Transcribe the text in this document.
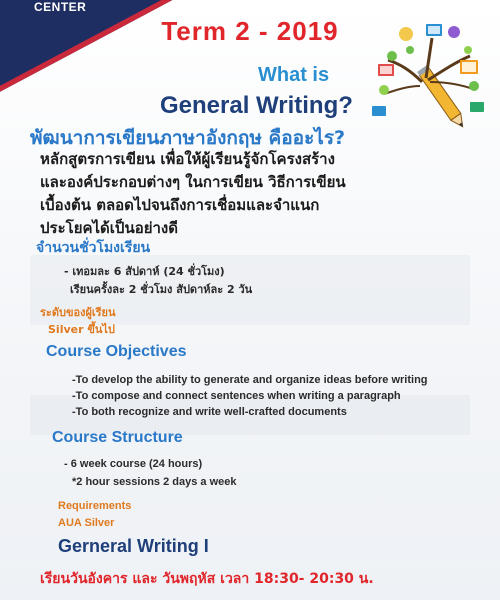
CENTER
Term 2 - 2019
What is
General Writing?
พัฒนาการเขียนภาษาอังกฤษ คืออะไร?
หลักสูตรการเขียน เพื่อให้ผู้เรียนรู้จักโครงสร้าง
และองค์ประกอบต่างๆ ในการเขียน วิธีการเขียน
เบื้องต้น ตลอดไปจนถึงการเชื่อมและจำแนก
ประโยคได้เป็นอย่างดี
จำนวนชั่วโมงเรียน
- เทอมละ 6 สัปดาห์ (24 ชั่วโมง)
เรียนครั้งละ 2 ชั่วโมง สัปดาห์ละ 2 วัน
ระดับของผู้เรียน
Silver ขึ้นไป
Course Objectives
-To develop the ability to generate and organize ideas before writing
-To compose and connect sentences when writing a paragraph
-To both recognize and write well-crafted documents
Course Structure
- 6 week course (24 hours)
*2 hour sessions 2 days a week
Requirements
AUA Silver
Gerneral Writing I
เรียนวันอังคาร และ วันพฤหัส เวลา 18:30- 20:30 น.
